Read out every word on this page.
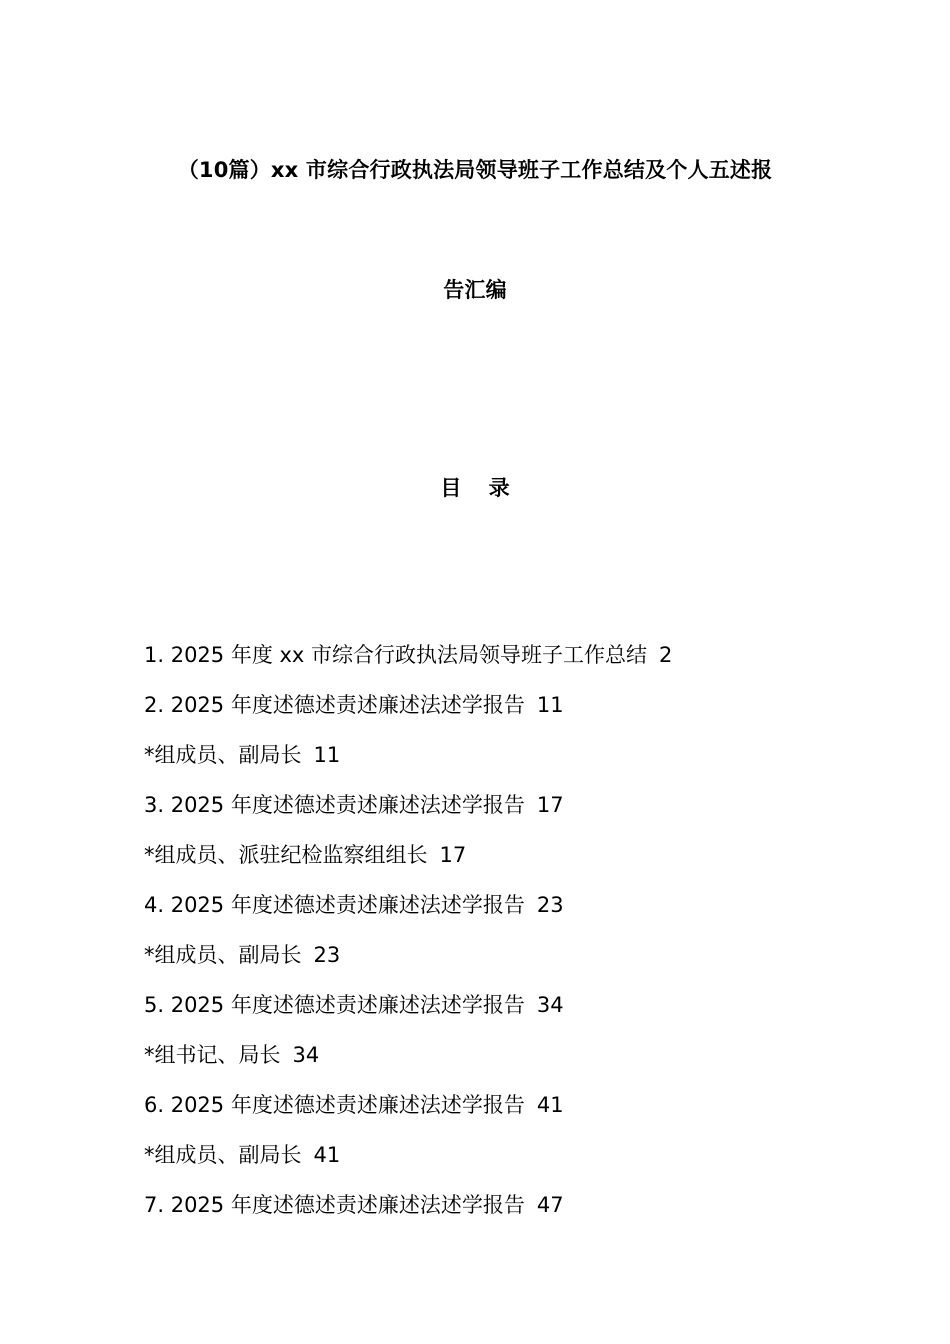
（10篇）xx 市综合行政执法局领导班子工作总结及个人五述报
告汇编
目 录
1. 2025 年度 xx 市综合行政执法局领导班子工作总结 2
2. 2025 年度述德述责述廉述法述学报告 11
*组成员、副局长 11
3. 2025 年度述德述责述廉述法述学报告 17
*组成员、派驻纪检监察组组长 17
4. 2025 年度述德述责述廉述法述学报告 23
*组成员、副局长 23
5. 2025 年度述德述责述廉述法述学报告 34
*组书记、局长 34
6. 2025 年度述德述责述廉述法述学报告 41
*组成员、副局长 41
7. 2025 年度述德述责述廉述法述学报告 47
